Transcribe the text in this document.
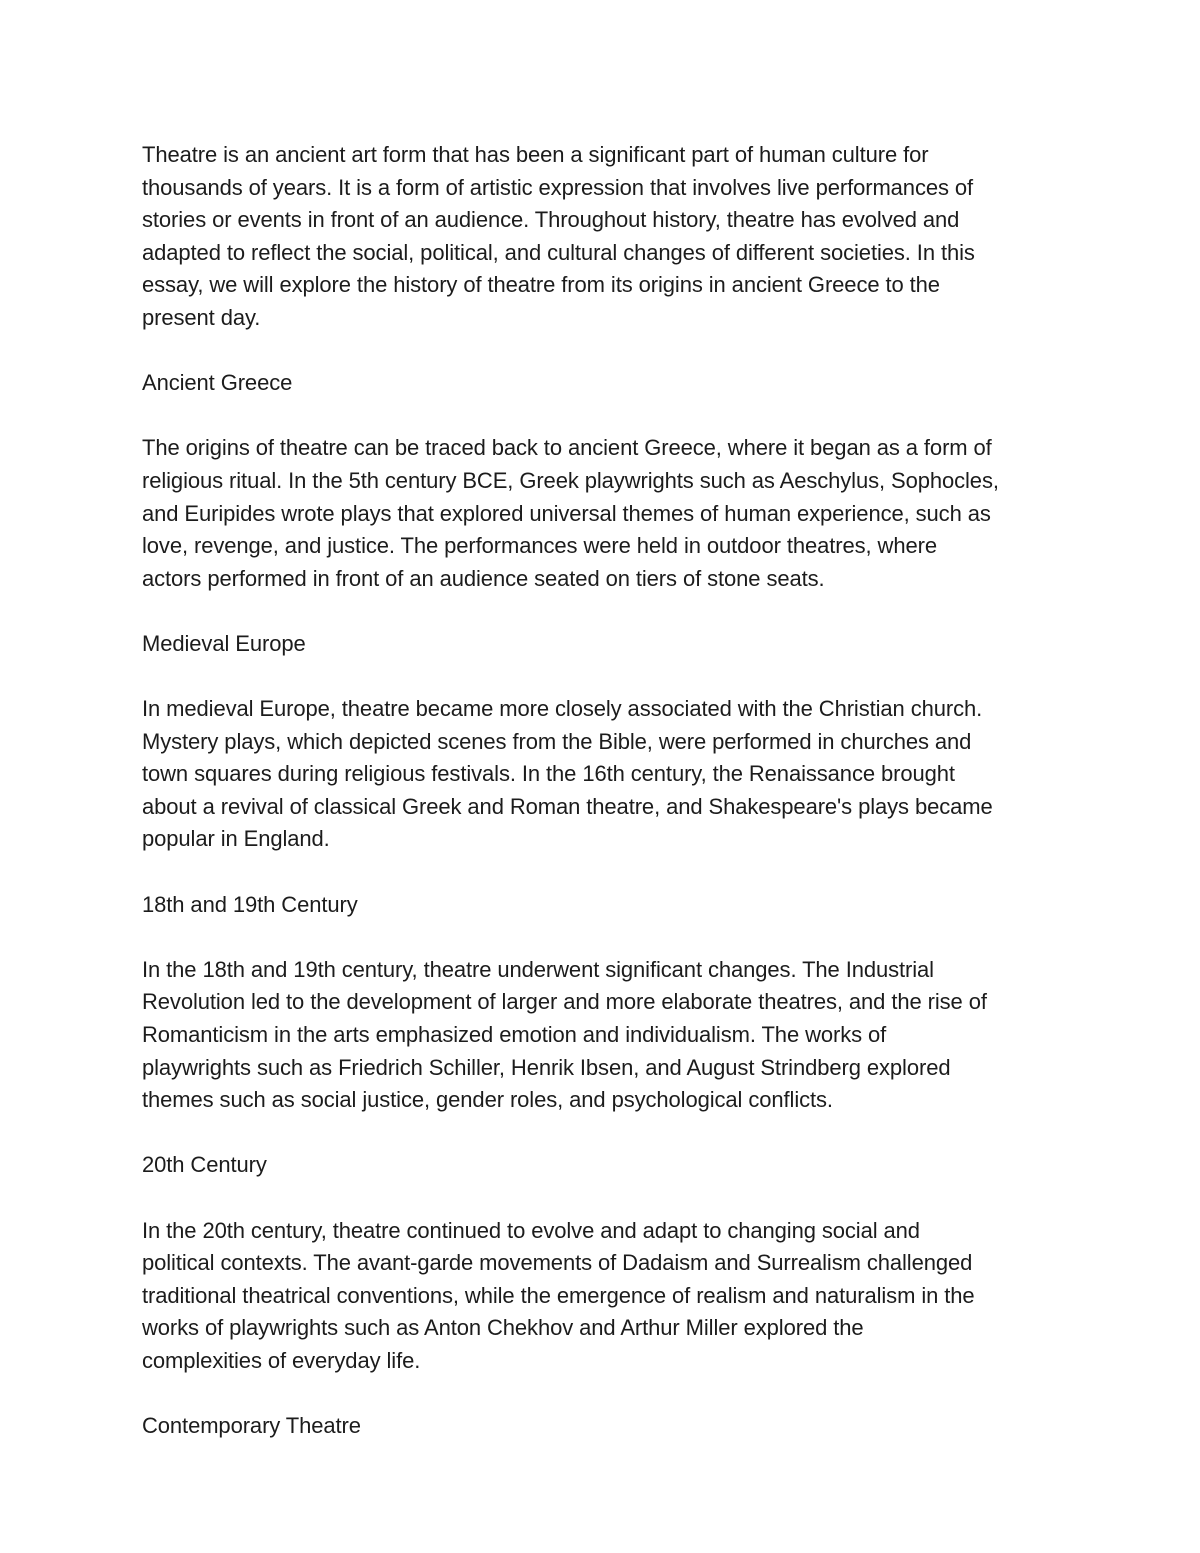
Theatre is an ancient art form that has been a significant part of human culture for
thousands of years. It is a form of artistic expression that involves live performances of
stories or events in front of an audience. Throughout history, theatre has evolved and
adapted to reflect the social, political, and cultural changes of different societies. In this
essay, we will explore the history of theatre from its origins in ancient Greece to the
present day.

Ancient Greece

The origins of theatre can be traced back to ancient Greece, where it began as a form of
religious ritual. In the 5th century BCE, Greek playwrights such as Aeschylus, Sophocles,
and Euripides wrote plays that explored universal themes of human experience, such as
love, revenge, and justice. The performances were held in outdoor theatres, where
actors performed in front of an audience seated on tiers of stone seats.

Medieval Europe

In medieval Europe, theatre became more closely associated with the Christian church.
Mystery plays, which depicted scenes from the Bible, were performed in churches and
town squares during religious festivals. In the 16th century, the Renaissance brought
about a revival of classical Greek and Roman theatre, and Shakespeare's plays became
popular in England.

18th and 19th Century

In the 18th and 19th century, theatre underwent significant changes. The Industrial
Revolution led to the development of larger and more elaborate theatres, and the rise of
Romanticism in the arts emphasized emotion and individualism. The works of
playwrights such as Friedrich Schiller, Henrik Ibsen, and August Strindberg explored
themes such as social justice, gender roles, and psychological conflicts.

20th Century

In the 20th century, theatre continued to evolve and adapt to changing social and
political contexts. The avant-garde movements of Dadaism and Surrealism challenged
traditional theatrical conventions, while the emergence of realism and naturalism in the
works of playwrights such as Anton Chekhov and Arthur Miller explored the
complexities of everyday life.

Contemporary Theatre
